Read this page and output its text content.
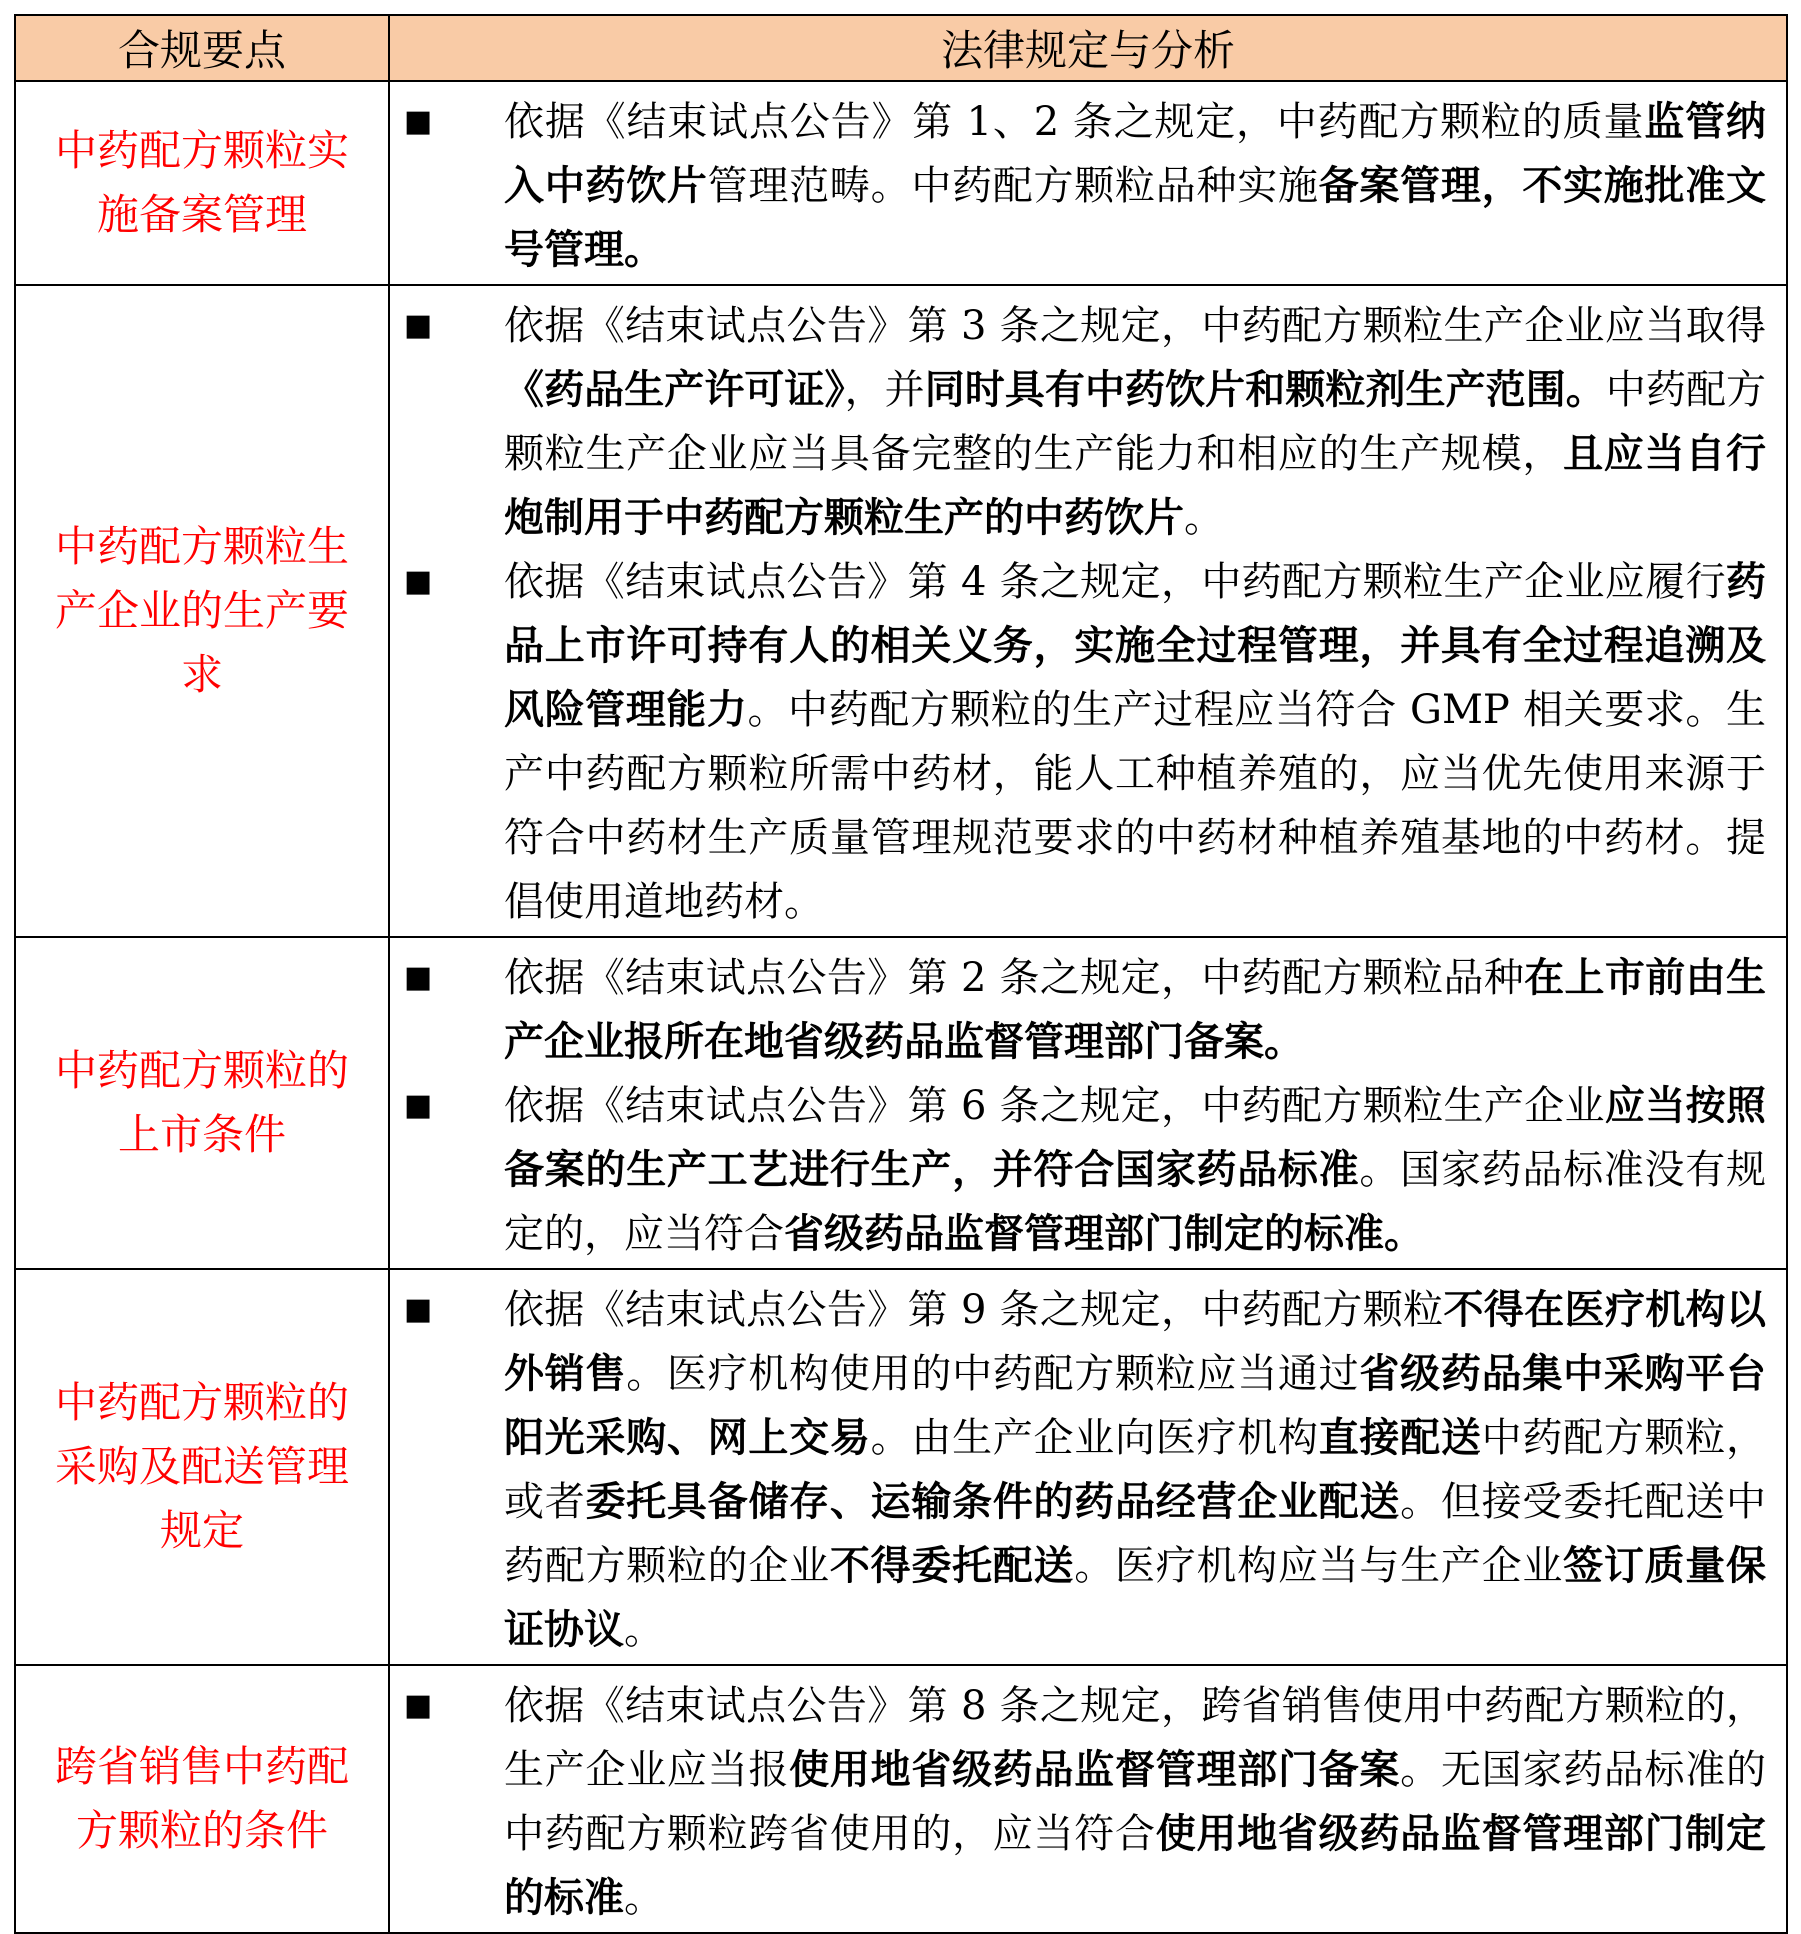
合规要点	法律规定与分析
中药配方颗粒实施备案管理	■ 依据《结束试点公告》第 1、2 条之规定，中药配方颗粒的质量监管纳入中药饮片管理范畴。中药配方颗粒品种实施备案管理，不实施批准文号管理。

中药配方颗粒生产企业的生产要求	■ 依据《结束试点公告》第 3 条之规定，中药配方颗粒生产企业应当取得《药品生产许可证》，并同时具有中药饮片和颗粒剂生产范围。中药配方颗粒生产企业应当具备完整的生产能力和相应的生产规模，且应当自行炮制用于中药配方颗粒生产的中药饮片。
■ 依据《结束试点公告》第 4 条之规定，中药配方颗粒生产企业应履行药品上市许可持有人的相关义务，实施全过程管理，并具有全过程追溯及风险管理能力。中药配方颗粒的生产过程应当符合 GMP 相关要求。生产中药配方颗粒所需中药材，能人工种植养殖的，应当优先使用来源于符合中药材生产质量管理规范要求的中药材种植养殖基地的中药材。提倡使用道地药材。

中药配方颗粒的上市条件	■ 依据《结束试点公告》第 2 条之规定，中药配方颗粒品种在上市前由生产企业报所在地省级药品监督管理部门备案。
■ 依据《结束试点公告》第 6 条之规定，中药配方颗粒生产企业应当按照备案的生产工艺进行生产，并符合国家药品标准。国家药品标准没有规定的，应当符合省级药品监督管理部门制定的标准。

中药配方颗粒的采购及配送管理规定	■ 依据《结束试点公告》第 9 条之规定，中药配方颗粒不得在医疗机构以外销售。医疗机构使用的中药配方颗粒应当通过省级药品集中采购平台阳光采购、网上交易。由生产企业向医疗机构直接配送中药配方颗粒，或者委托具备储存、运输条件的药品经营企业配送。但接受委托配送中药配方颗粒的企业不得委托配送。医疗机构应当与生产企业签订质量保证协议。

跨省销售中药配方颗粒的条件	■ 依据《结束试点公告》第 8 条之规定，跨省销售使用中药配方颗粒的，生产企业应当报使用地省级药品监督管理部门备案。无国家药品标准的中药配方颗粒跨省使用的，应当符合使用地省级药品监督管理部门制定的标准。
